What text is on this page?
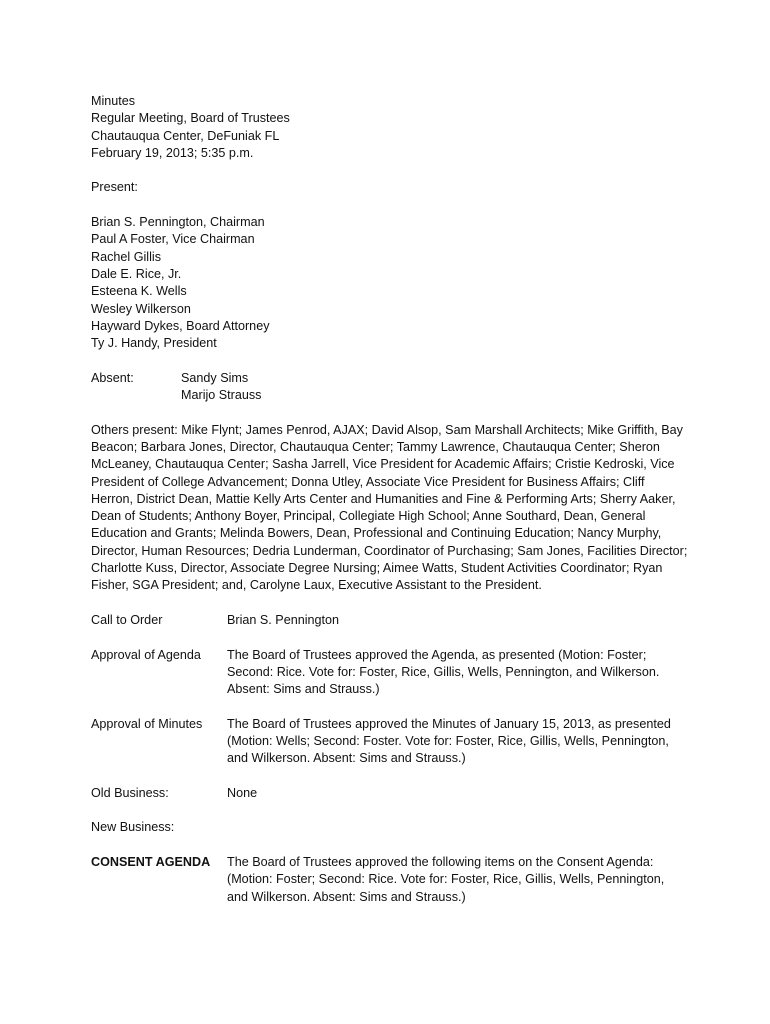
Minutes
Regular Meeting, Board of Trustees
Chautauqua Center, DeFuniak FL
February 19, 2013; 5:35 p.m.
Present:
Brian S. Pennington, Chairman
Paul A Foster, Vice Chairman
Rachel Gillis
Dale E. Rice, Jr.
Esteena K. Wells
Wesley Wilkerson
Hayward Dykes, Board Attorney
Ty J. Handy, President
Absent:	Sandy Sims
Marijo Strauss
Others present: Mike Flynt; James Penrod, AJAX; David Alsop, Sam Marshall Architects; Mike Griffith, Bay Beacon; Barbara Jones, Director, Chautauqua Center; Tammy Lawrence, Chautauqua Center; Sheron McLeaney, Chautauqua Center; Sasha Jarrell, Vice President for Academic Affairs; Cristie Kedroski, Vice President of College Advancement; Donna Utley, Associate Vice President for Business Affairs; Cliff Herron, District Dean, Mattie Kelly Arts Center and Humanities and Fine & Performing Arts; Sherry Aaker, Dean of Students; Anthony Boyer, Principal, Collegiate High School; Anne Southard, Dean, General Education and Grants; Melinda Bowers, Dean, Professional and Continuing Education; Nancy Murphy, Director, Human Resources; Dedria Lunderman, Coordinator of Purchasing; Sam Jones, Facilities Director; Charlotte Kuss, Director, Associate Degree Nursing; Aimee Watts, Student Activities Coordinator; Ryan Fisher, SGA President; and, Carolyne Laux, Executive Assistant to the President.
Call to Order	Brian S. Pennington
Approval of Agenda	The Board of Trustees approved the Agenda, as presented (Motion: Foster; Second: Rice. Vote for: Foster, Rice, Gillis, Wells, Pennington, and Wilkerson. Absent: Sims and Strauss.)
Approval of Minutes	The Board of Trustees approved the Minutes of January 15, 2013, as presented (Motion: Wells; Second: Foster. Vote for: Foster, Rice, Gillis, Wells, Pennington, and Wilkerson. Absent: Sims and Strauss.)
Old Business:	None
New Business:
CONSENT AGENDA	The Board of Trustees approved the following items on the Consent Agenda: (Motion: Foster; Second: Rice. Vote for: Foster, Rice, Gillis, Wells, Pennington, and Wilkerson. Absent: Sims and Strauss.)
